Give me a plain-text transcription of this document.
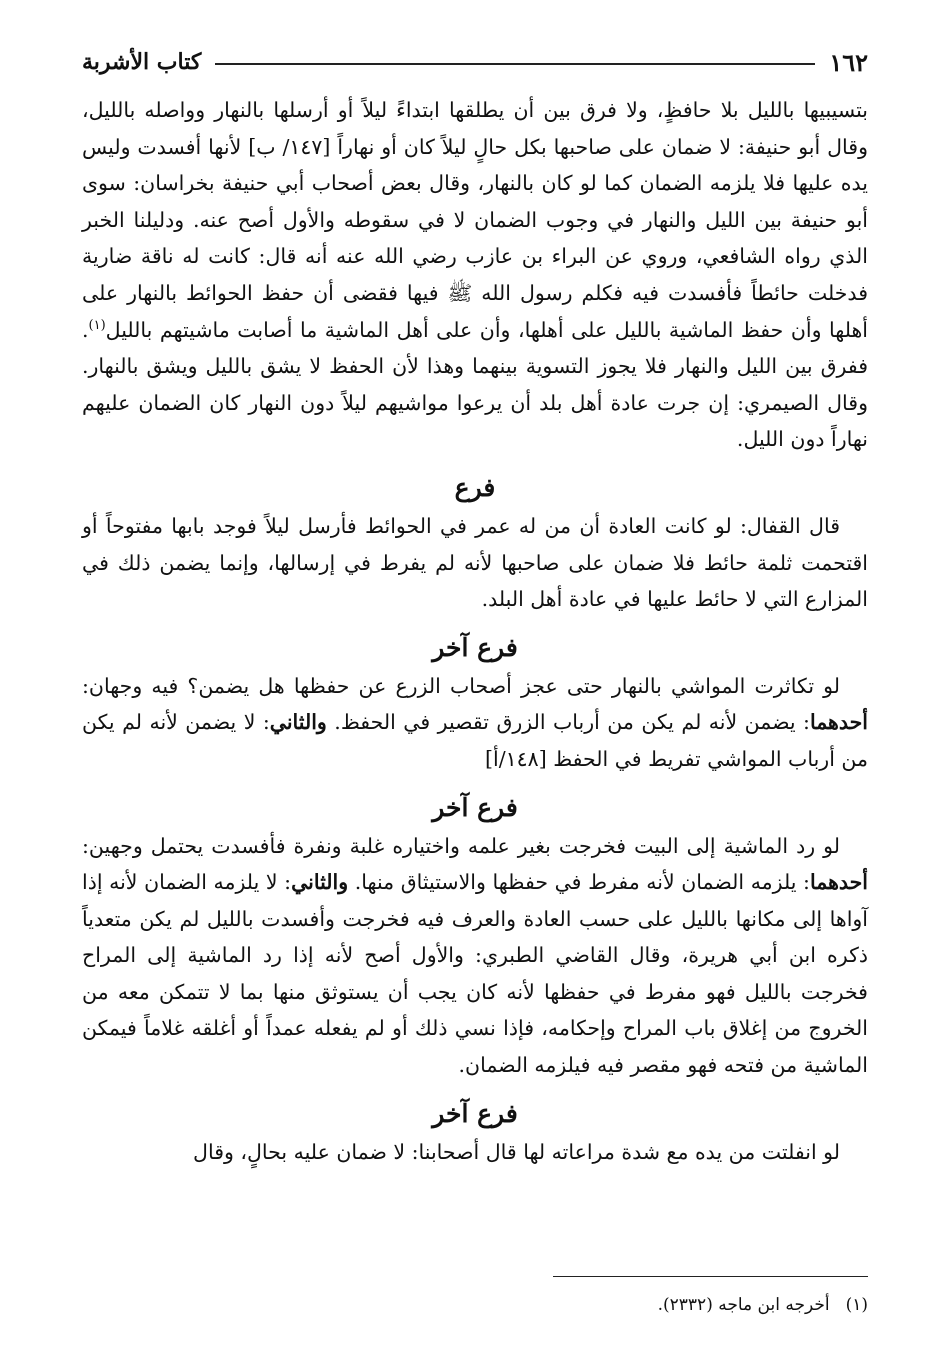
١٦٢
كتاب الأشربة

بتسيبيها بالليل بلا حافظٍ، ولا فرق بين أن يطلقها ابتداءً ليلاً أو أرسلها بالنهار وواصله بالليل، وقال أبو حنيفة: لا ضمان على صاحبها بكل حالٍ ليلاً كان أو نهاراً [١٤٧/ ب] لأنها أفسدت وليس يده عليها فلا يلزمه الضمان كما لو كان بالنهار، وقال بعض أصحاب أبي حنيفة بخراسان: سوى أبو حنيفة بين الليل والنهار في وجوب الضمان لا في سقوطه والأول أصح عنه. ودليلنا الخبر الذي رواه الشافعي، وروي عن البراء بن عازب رضي الله عنه أنه قال: كانت له ناقة ضارية فدخلت حائطاً فأفسدت فيه فكلم رسول الله ﷺ فيها فقضى أن حفظ الحوائط بالنهار على أهلها وأن حفظ الماشية بالليل على أهلها، وأن على أهل الماشية ما أصابت ماشيتهم بالليل$^{(١)}$. ففرق بين الليل والنهار فلا يجوز التسوية بينهما وهذا لأن الحفظ لا يشق بالليل ويشق بالنهار. وقال الصيمري: إن جرت عادة أهل بلد أن يرعوا مواشيهم ليلاً دون النهار كان الضمان عليهم نهاراً دون الليل.

فرع

قال القفال: لو كانت العادة أن من له عمر في الحوائط فأرسل ليلاً فوجد بابها مفتوحاً أو اقتحمت ثلمة حائط فلا ضمان على صاحبها لأنه لم يفرط في إرسالها، وإنما يضمن ذلك في المزارع التي لا حائط عليها في عادة أهل البلد.

فرع آخر

لو تكاثرت المواشي بالنهار حتى عجز أصحاب الزرع عن حفظها هل يضمن؟ فيه وجهان: أحدهما: يضمن لأنه لم يكن من أرباب الزرق تقصير في الحفظ. والثاني: لا يضمن لأنه لم يكن من أرباب المواشي تفريط في الحفظ [١٤٨/أ]

فرع آخر

لو رد الماشية إلى البيت فخرجت بغير علمه واختياره غلبة ونفرة فأفسدت يحتمل وجهين: أحدهما: يلزمه الضمان لأنه مفرط في حفظها والاستيثاق منها. والثاني: لا يلزمه الضمان لأنه إذا آواها إلى مكانها بالليل على حسب العادة والعرف فيه فخرجت وأفسدت بالليل لم يكن متعدياً ذكره ابن أبي هريرة، وقال القاضي الطبري: والأول أصح لأنه إذا رد الماشية إلى المراح فخرجت بالليل فهو مفرط في حفظها لأنه كان يجب أن يستوثق منها بما لا تتمكن معه من الخروج من إغلاق باب المراح وإحكامه، فإذا نسي ذلك أو لم يفعله عمداً أو أغلقه غلاماً فيمكن الماشية من فتحه فهو مقصر فيه فيلزمه الضمان.

فرع آخر

لو انفلتت من يده مع شدة مراعاته لها قال أصحابنا: لا ضمان عليه بحالٍ، وقال

(١)أخرجه ابن ماجه (٢٣٣٢).
